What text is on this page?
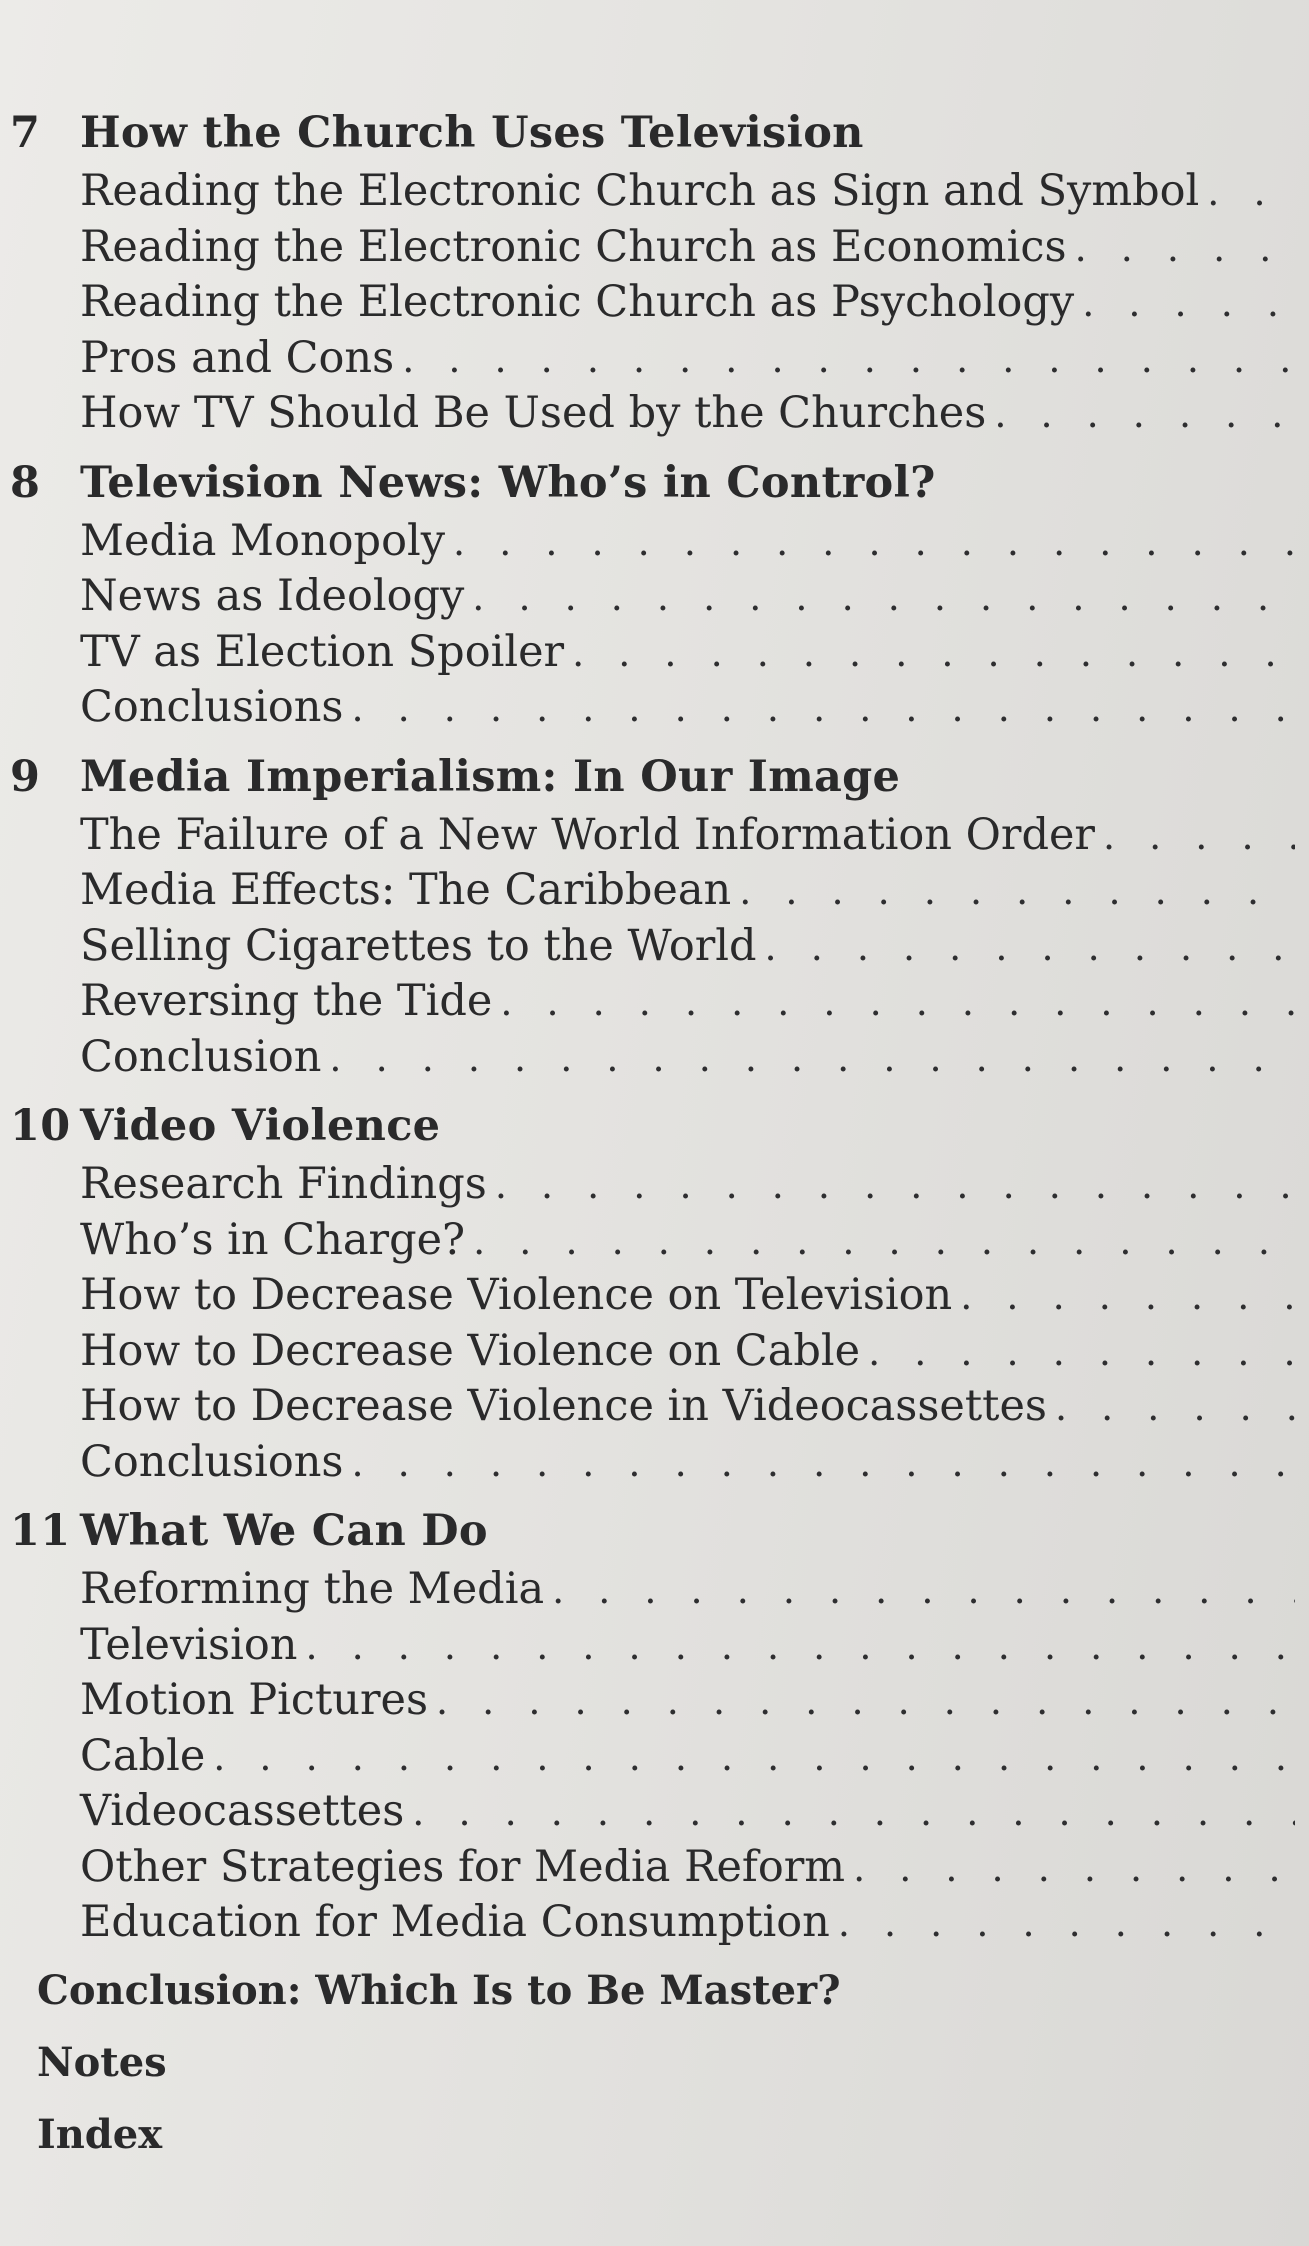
7 How the Church Uses Television
Reading the Electronic Church as Sign and Symbol
. . .
Reading the Electronic Church as Economics
. . .
Reading the Electronic Church as Psychology
. . .
Pros and Cons
. . .
How TV Should Be Used by the Churches
. . .
8 Television News: Who’s in Control?
Media Monopoly
. . .
News as Ideology
. . .
TV as Election Spoiler
. . .
Conclusions
. . .
9 Media Imperialism: In Our Image
The Failure of a New World Information Order
. . .
Media Effects: The Caribbean
. . .
Selling Cigarettes to the World
. . .
Reversing the Tide
. . .
Conclusion
. . .
10 Video Violence
Research Findings
. . .
Who’s in Charge?
. . .
How to Decrease Violence on Television
. . .
How to Decrease Violence on Cable
. . .
How to Decrease Violence in Videocassettes
. . .
Conclusions
. . .
11 What We Can Do
Reforming the Media
. . .
Television
. . .
Motion Pictures
. . .
Cable
. . .
Videocassettes
. . .
Other Strategies for Media Reform
. . .
Education for Media Consumption
. . .
Conclusion: Which Is to Be Master?
Notes
Index
